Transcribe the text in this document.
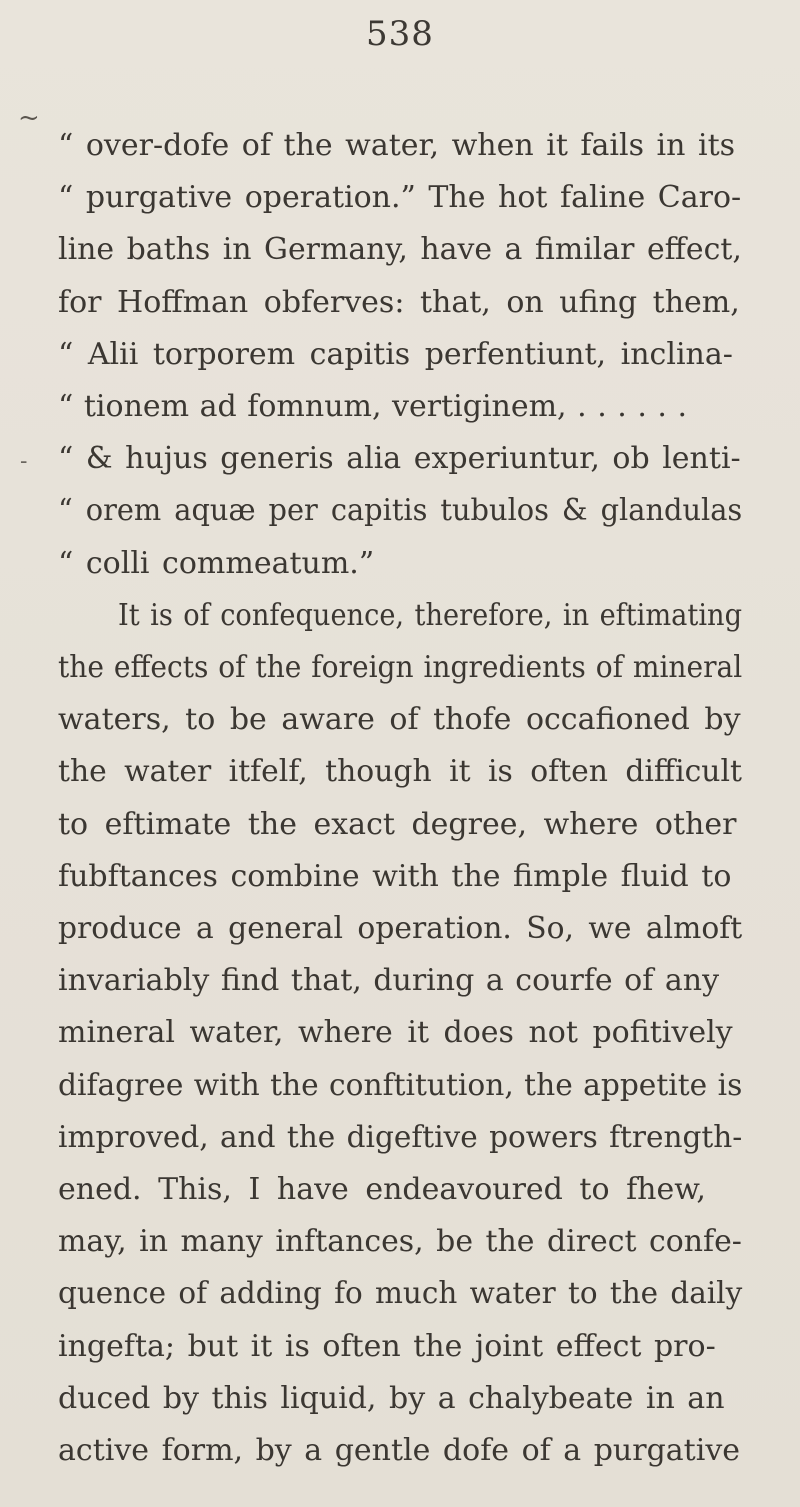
538
~
-
“ over-dofe of the water, when it fails in its
“ purgative operation.” The hot faline Caro-
line baths in Germany, have a fimilar effect,
for Hoffman obferves: that, on ufing them,
“ Alii torporem capitis perfentiunt, inclina-
“ tionem ad fomnum, vertiginem, . . . . . .
“ & hujus generis alia experiuntur, ob lenti-
“ orem aquæ per capitis tubulos & glandulas
“ colli commeatum.”
It is of confequence, therefore, in eftimating
the effects of the foreign ingredients of mineral
waters, to be aware of thofe occafioned by
the water itfelf, though it is often difficult
to eftimate the exact degree, where other
fubftances combine with the fimple fluid to
produce a general operation. So, we almoft
invariably find that, during a courfe of any
mineral water, where it does not pofitively
difagree with the conftitution, the appetite is
improved, and the digeftive powers ftrength-
ened. This, I have endeavoured to fhew,
may, in many inftances, be the direct confe-
quence of adding fo much water to the daily
ingefta; but it is often the joint effect pro-
duced by this liquid, by a chalybeate in an
active form, by a gentle dofe of a purgative
